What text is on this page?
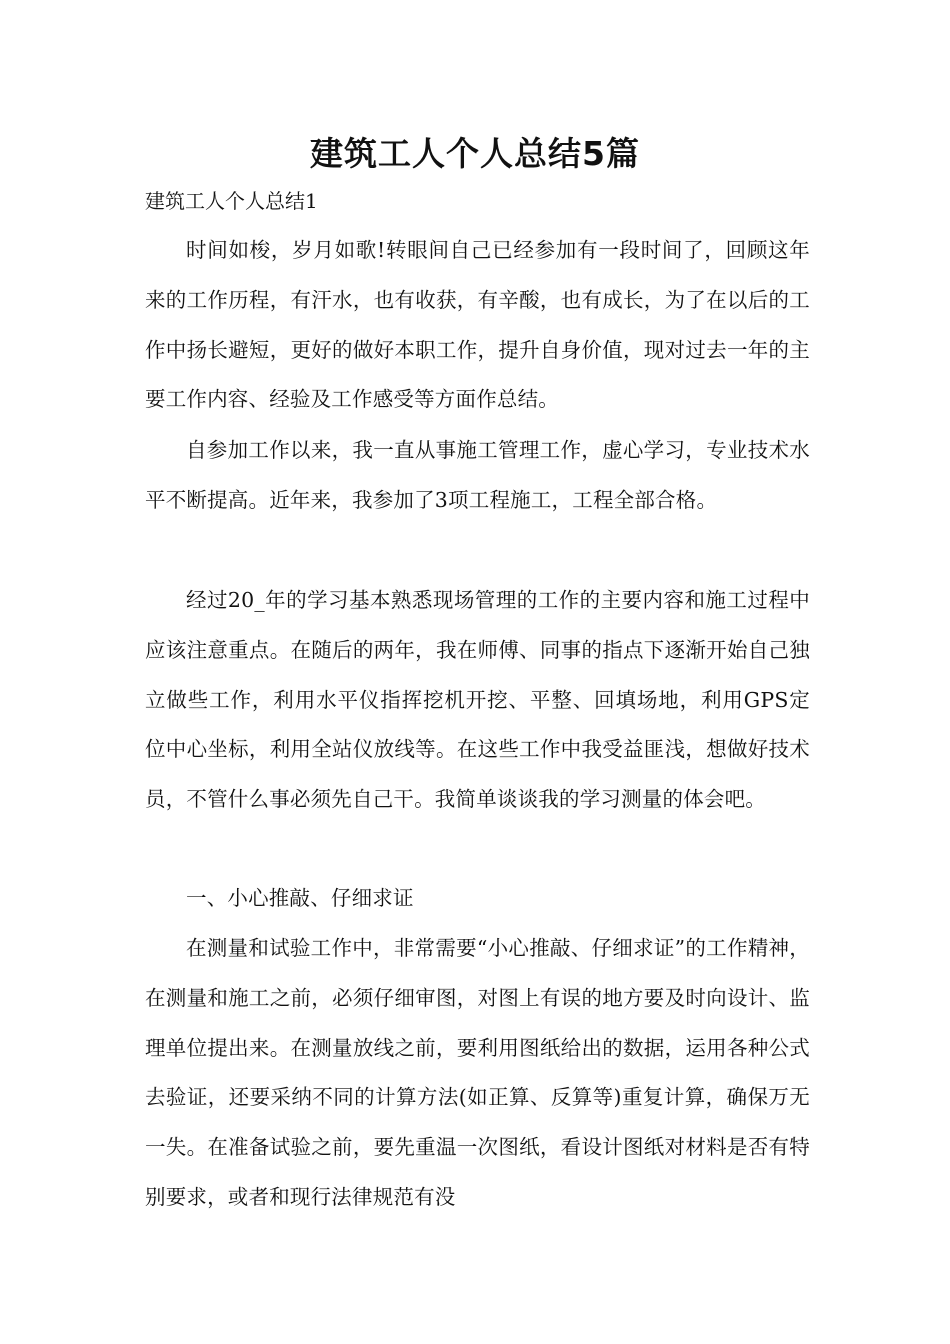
建筑工人个人总结5篇

建筑工人个人总结1

时间如梭，岁月如歌!转眼间自己已经参加有一段时间了，回顾这年来的工作历程，有汗水，也有收获，有辛酸，也有成长，为了在以后的工作中扬长避短，更好的做好本职工作，提升自身价值，现对过去一年的主要工作内容、经验及工作感受等方面作总结。

自参加工作以来，我一直从事施工管理工作，虚心学习，专业技术水平不断提高。近年来，我参加了3项工程施工，工程全部合格。

经过20_年的学习基本熟悉现场管理的工作的主要内容和施工过程中应该注意重点。在随后的两年，我在师傅、同事的指点下逐渐开始自己独立做些工作，利用水平仪指挥挖机开挖、平整、回填场地，利用GPS定位中心坐标，利用全站仪放线等。在这些工作中我受益匪浅，想做好技术员，不管什么事必须先自己干。我简单谈谈我的学习测量的体会吧。

一、小心推敲、仔细求证

在测量和试验工作中，非常需要“小心推敲、仔细求证”的工作精神，在测量和施工之前，必须仔细审图，对图上有误的地方要及时向设计、监理单位提出来。在测量放线之前，要利用图纸给出的数据，运用各种公式去验证，还要采纳不同的计算方法(如正算、反算等)重复计算，确保万无一失。在准备试验之前，要先重温一次图纸，看设计图纸对材料是否有特别要求，或者和现行法律规范有没
